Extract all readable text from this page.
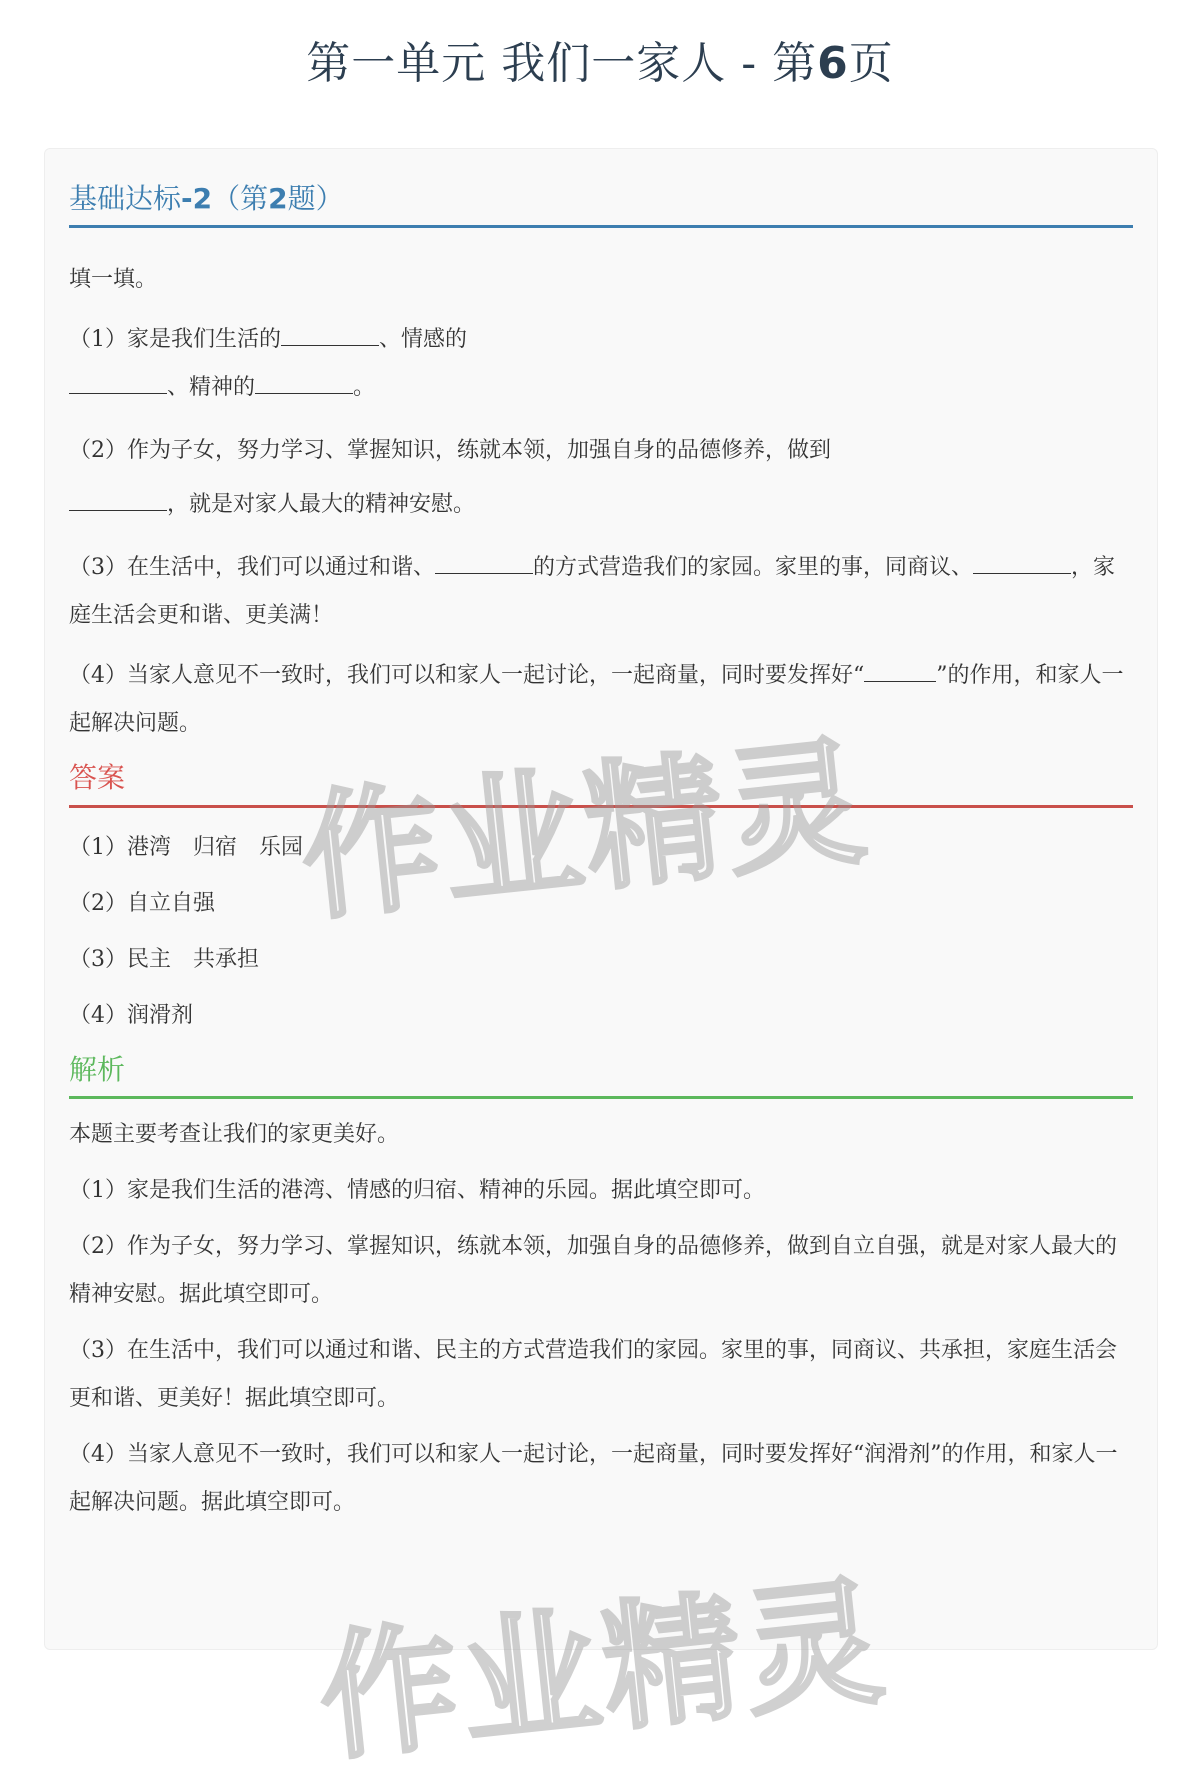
第一单元 我们一家人 - 第6页
基础达标-2（第2题）
填一填。
（1）家是我们生活的	、情感的
、精神的	。
（2）作为子女，努力学习、掌握知识，练就本领，加强自身的品德修养，做到
，就是对家人最大的精神安慰。
（3）在生活中，我们可以通过和谐、	的方式营造我们的家园。家里的事，同商议、	，家庭生活会更和谐、更美满！
（4）当家人意见不一致时，我们可以和家人一起讨论，一起商量，同时要发挥好“	”的作用，和家人一起解决问题。
答案
（1）港湾　归宿　乐园
（2）自立自强
（3）民主　共承担
（4）润滑剂
解析
本题主要考查让我们的家更美好。
（1）家是我们生活的港湾、情感的归宿、精神的乐园。据此填空即可。
（2）作为子女，努力学习、掌握知识，练就本领，加强自身的品德修养，做到自立自强，就是对家人最大的精神安慰。据此填空即可。
（3）在生活中，我们可以通过和谐、民主的方式营造我们的家园。家里的事，同商议、共承担，家庭生活会更和谐、更美好！据此填空即可。
（4）当家人意见不一致时，我们可以和家人一起讨论，一起商量，同时要发挥好“润滑剂”的作用，和家人一起解决问题。据此填空即可。
作业精灵
